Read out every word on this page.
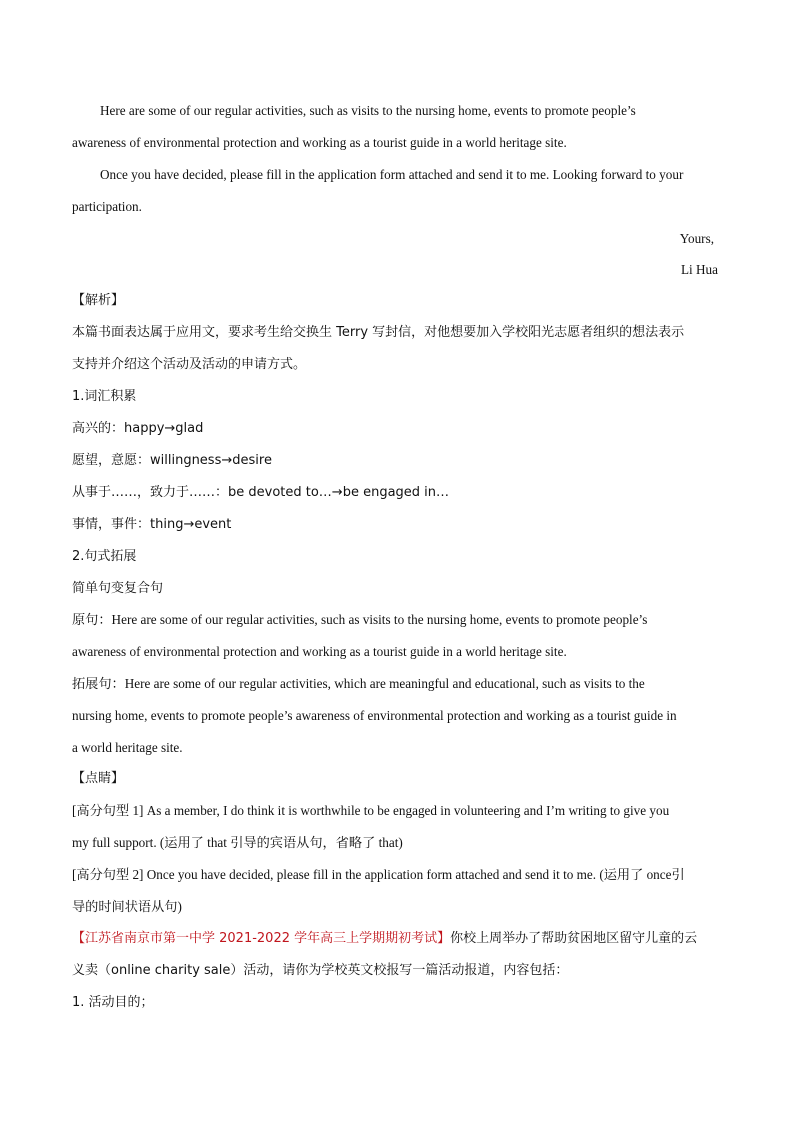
Here are some of our regular activities, such as visits to the nursing home, events to promote people’s
awareness of environmental protection and working as a tourist guide in a world heritage site.
Once you have decided, please fill in the application form attached and send it to me. Looking forward to your
participation.
Yours,
Li Hua
【解析】
本篇书面表达属于应用文，要求考生给交换生 Terry 写封信，对他想要加入学校阳光志愿者组织的想法表示
支持并介绍这个活动及活动的申请方式。
1.词汇积累
高兴的：happy→glad
愿望，意愿：willingness→desire
从事于……，致力于……：be devoted to…→be engaged in…
事情，事件：thing→event
2.句式拓展
简单句变复合句
原句：Here are some of our regular activities, such as visits to the nursing home, events to promote people’s
awareness of environmental protection and working as a tourist guide in a world heritage site.
拓展句：Here are some of our regular activities, which are meaningful and educational, such as visits to the
nursing home, events to promote people’s awareness of environmental protection and working as a tourist guide in
a world heritage site.
【点睛】
[高分句型 1] As a member, I do think it is worthwhile to be engaged in volunteering and I’m writing to give you
my full support. (运用了 that 引导的宾语从句，省略了 that)
[高分句型 2] Once you have decided, please fill in the application form attached and send it to me. (运用了 once引
导的时间状语从句)
【江苏省南京市第一中学 2021-2022 学年高三上学期期初考试】你校上周举办了帮助贫困地区留守儿童的云
义卖（online charity sale）活动，请你为学校英文校报写一篇活动报道，内容包括：
1. 活动目的；
